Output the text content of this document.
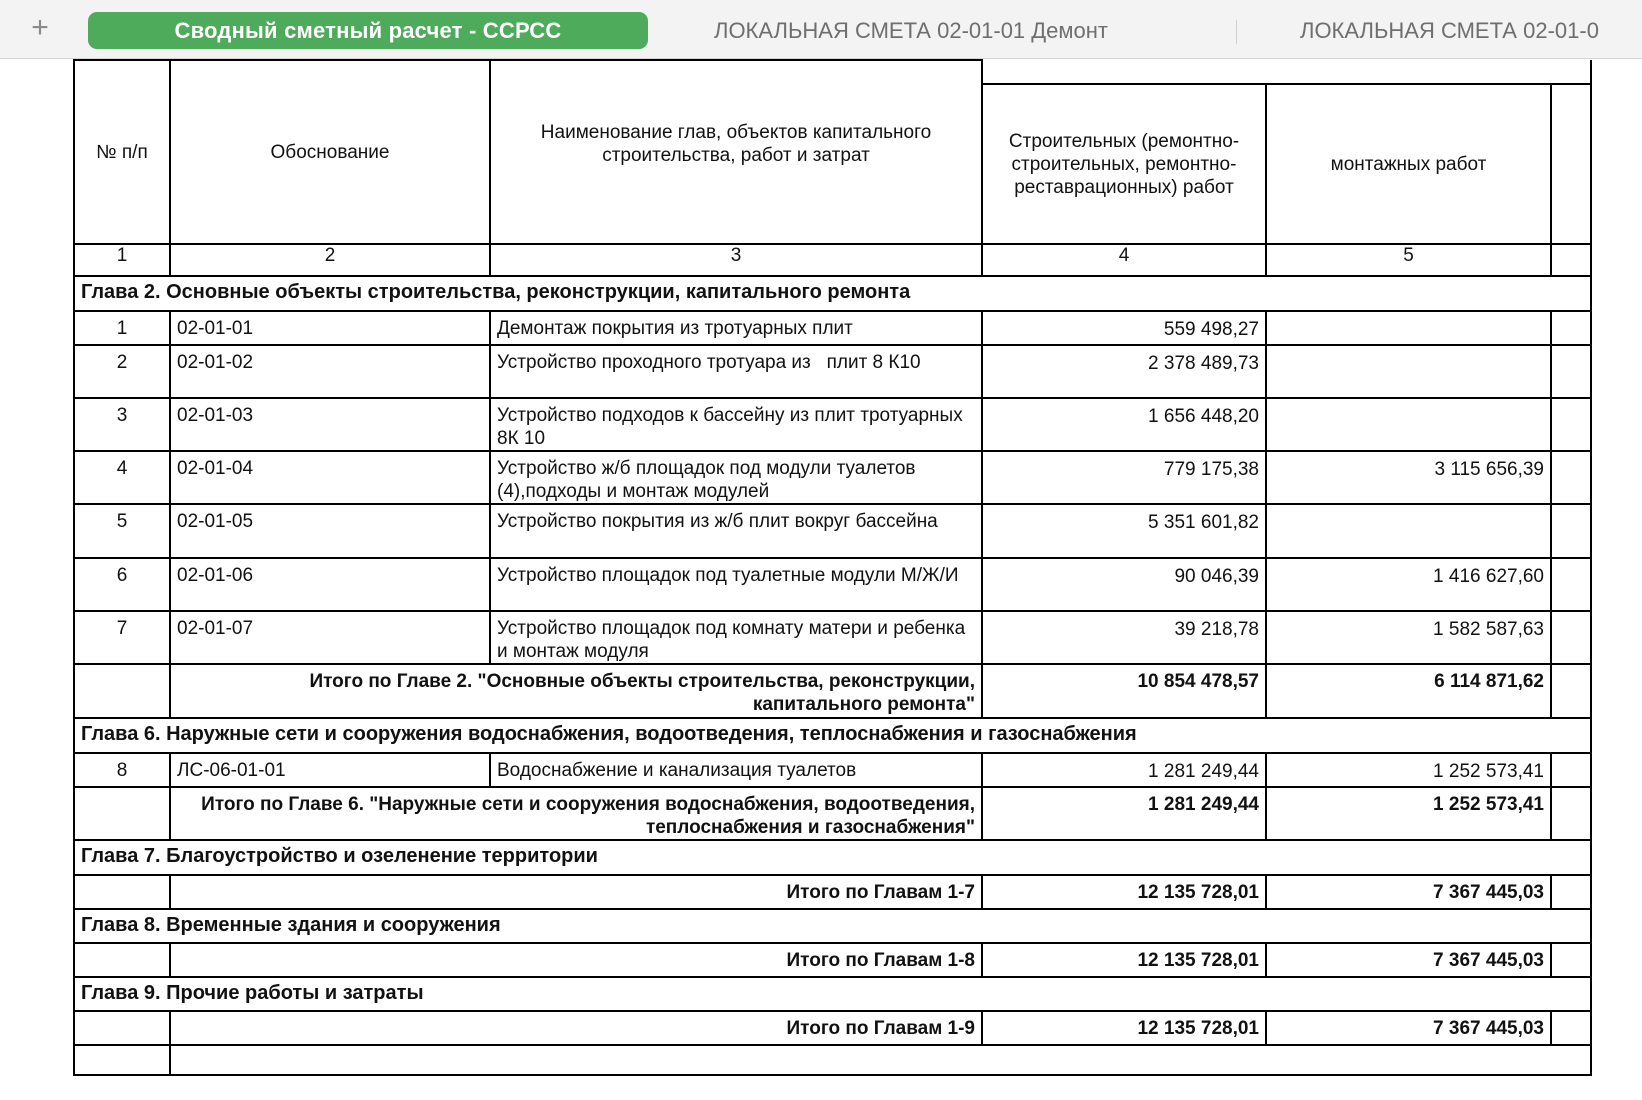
+	Сводный сметный расчет - ССРСС	ЛОКАЛЬНАЯ СМЕТА 02-01-01 Демонт	ЛОКАЛЬНАЯ СМЕТА 02-01-0
№ п/п	Обоснование	Наименование глав, объектов капитального строительства, работ и затрат			
			Строительных (ремонтно- строительных, ремонтно-реставрационных) работ	монтажных работ	
1	2	3	4	5	
Глава 2. Основные объекты строительства, реконструкции, капитального ремонта					
1	02-01-01	Демонтаж покрытия из тротуарных плит	559 498,27		
2	02-01-02	Устройство проходного тротуара из   плит 8 К10	2 378 489,73		
3	02-01-03	Устройство подходов к бассейну из плит тротуарных 8К 10	1 656 448,20		
4	02-01-04	Устройство ж/б площадок под модули туалетов (4),подходы и монтаж модулей	779 175,38	3 115 656,39	
5	02-01-05	Устройство покрытия из ж/б плит вокруг бассейна	5 351 601,82		
6	02-01-06	Устройство площадок под туалетные модули М/Ж/И	90 046,39	1 416 627,60	
7	02-01-07	Устройство площадок под комнату матери и ребенка и монтаж модуля	39 218,78	1 582 587,63	
	Итого по Главе 2. "Основные объекты строительства, реконструкции, капитального ремонта"		10 854 478,57	6 114 871,62	
Глава 6. Наружные сети и сооружения водоснабжения, водоотведения, теплоснабжения и газоснабжения					
8	ЛС-06-01-01	Водоснабжение и канализация туалетов	1 281 249,44	1 252 573,41	
	Итого по Главе 6. "Наружные сети и сооружения водоснабжения, водоотведения, теплоснабжения и газоснабжения"		1 281 249,44	1 252 573,41	
Глава 7. Благоустройство и озеленение территории					
	Итого по Главам 1-7		12 135 728,01	7 367 445,03	
Глава 8. Временные здания и сооружения					
	Итого по Главам 1-8		12 135 728,01	7 367 445,03	
Глава 9. Прочие работы и затраты					
	Итого по Главам 1-9		12 135 728,01	7 367 445,03	
